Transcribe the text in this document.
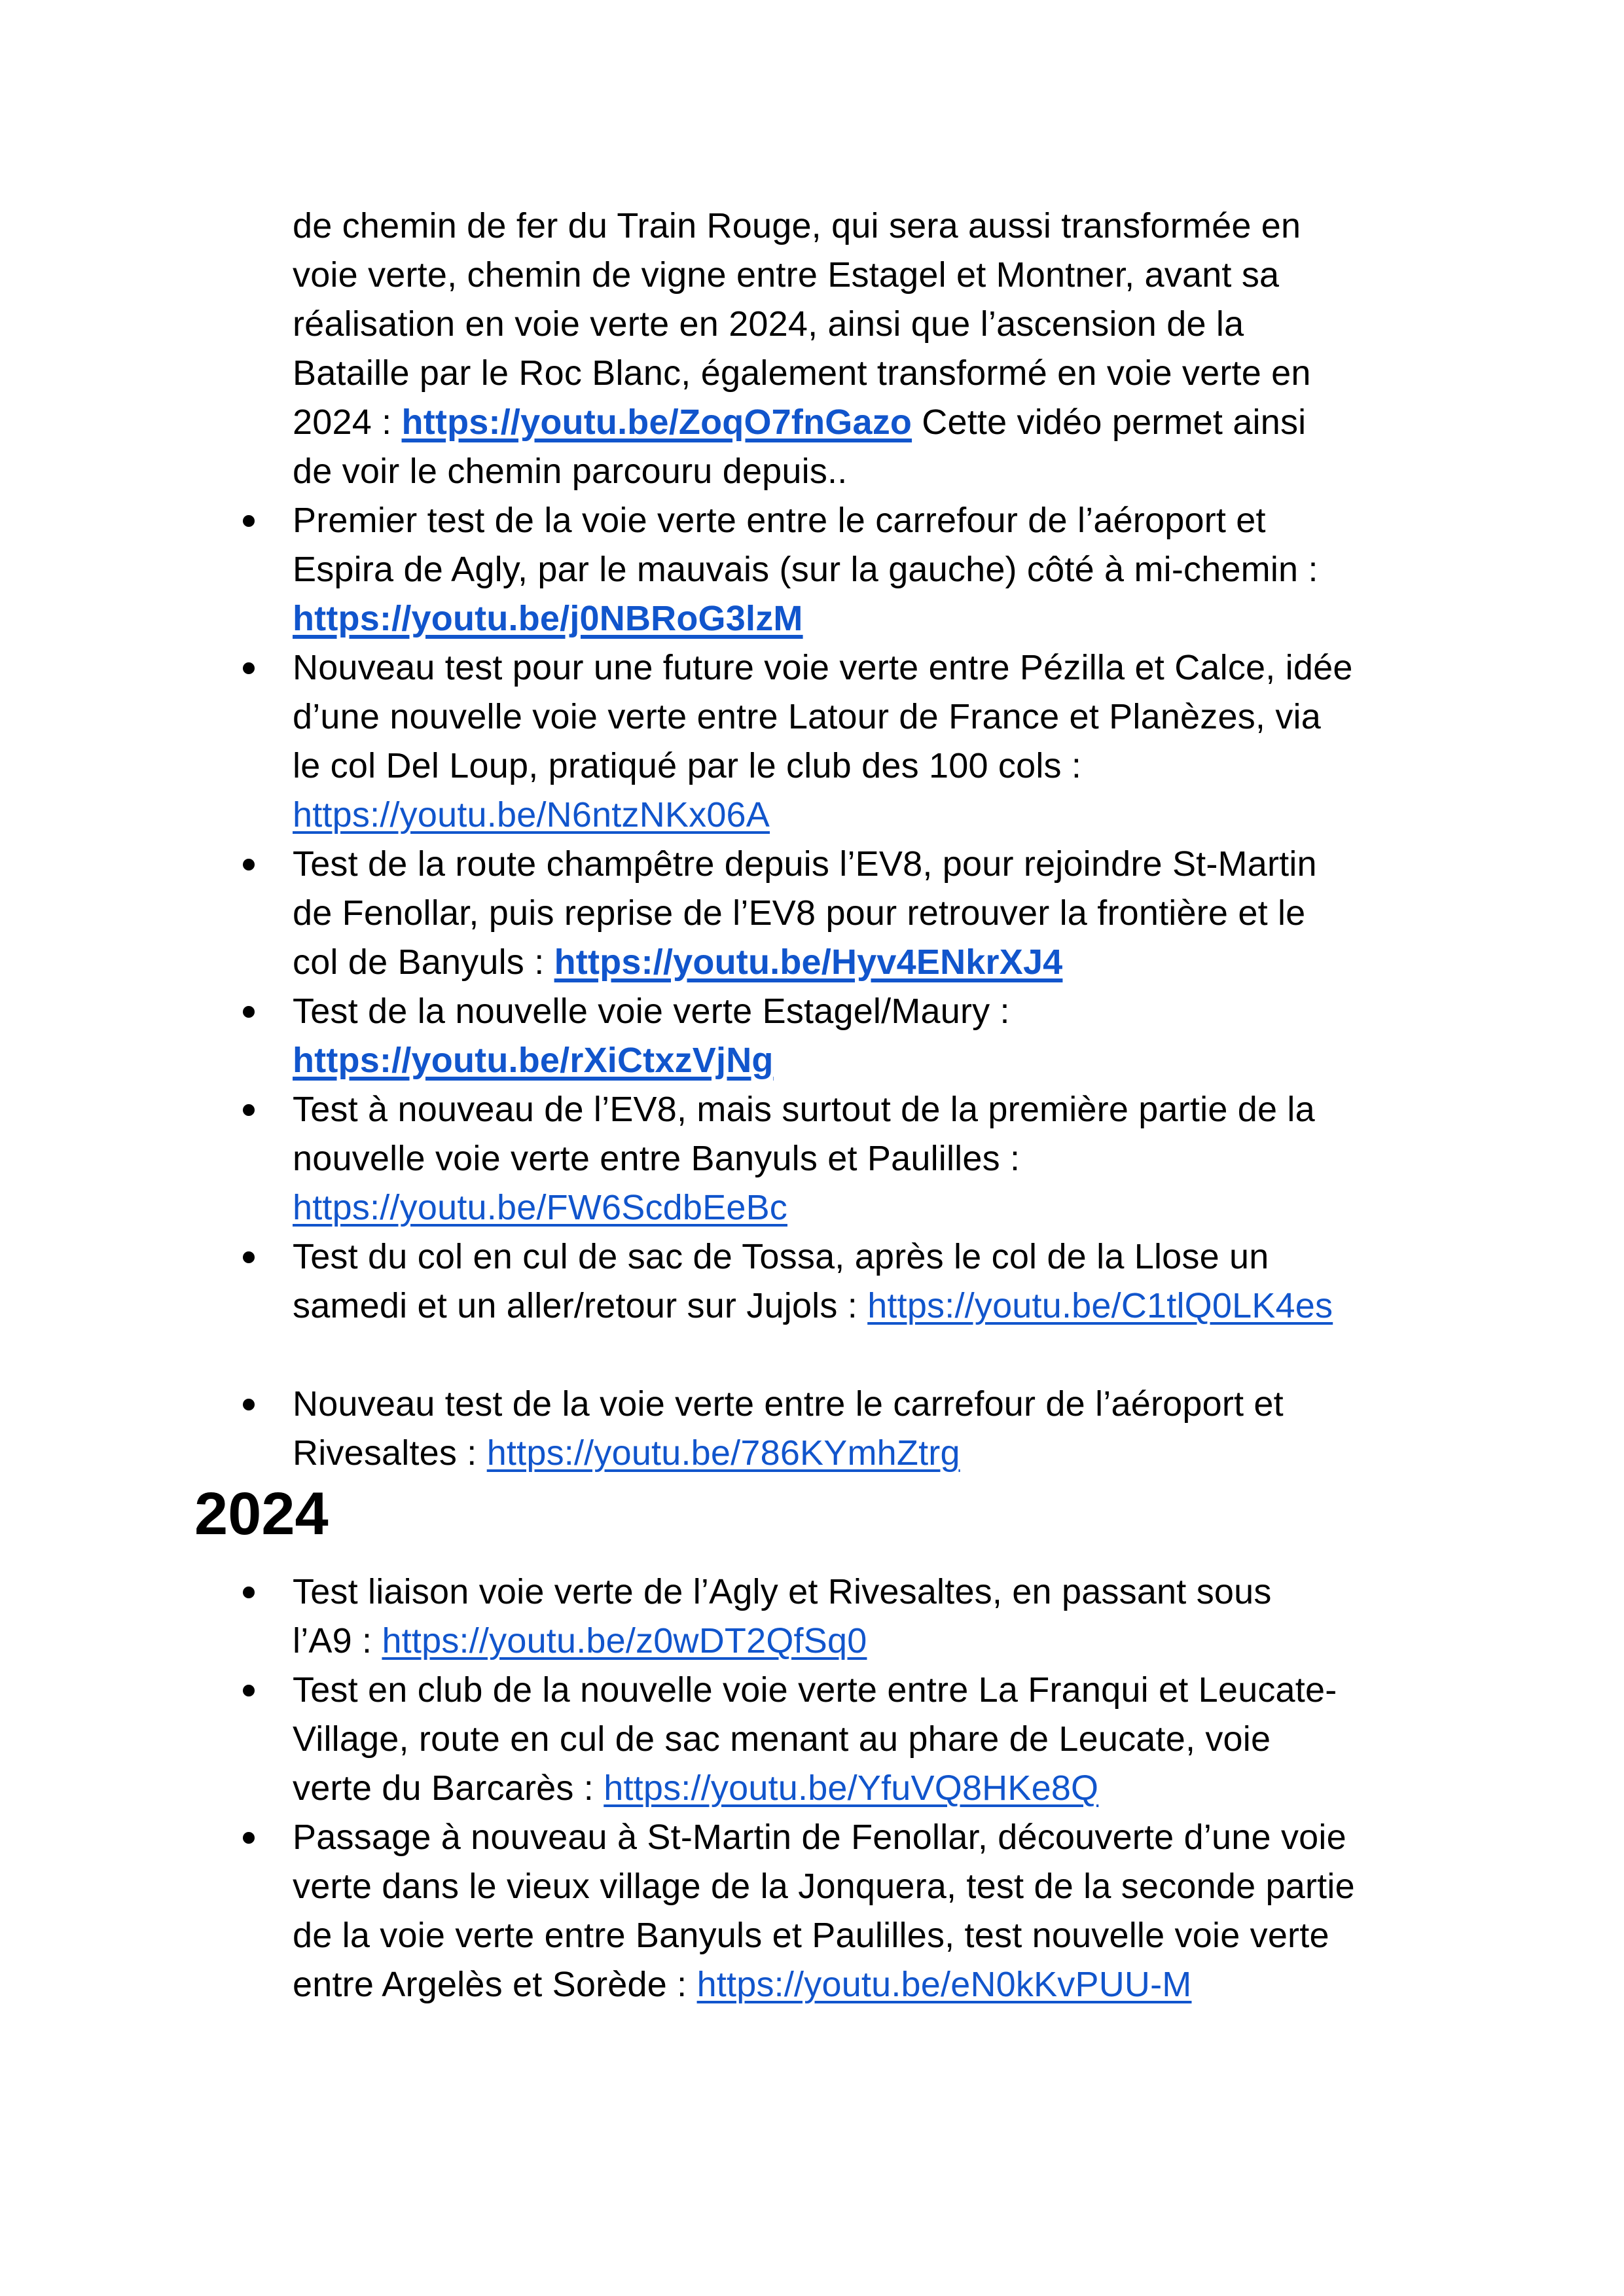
de chemin de fer du Train Rouge, qui sera aussi transformée en
voie verte, chemin de vigne entre Estagel et Montner, avant sa
réalisation en voie verte en 2024, ainsi que l’ascension de la
Bataille par le Roc Blanc, également transformé en voie verte en
2024 : https://youtu.be/ZoqO7fnGazo Cette vidéo permet ainsi
de voir le chemin parcouru depuis..
Premier test de la voie verte entre le carrefour de l’aéroport et
Espira de Agly, par le mauvais (sur la gauche) côté à mi-chemin :
https://youtu.be/j0NBRoG3lzM
Nouveau test pour une future voie verte entre Pézilla et Calce, idée
d’une nouvelle voie verte entre Latour de France et Planèzes, via
le col Del Loup, pratiqué par le club des 100 cols :
https://youtu.be/N6ntzNKx06A
Test de la route champêtre depuis l’EV8, pour rejoindre St-Martin
de Fenollar, puis reprise de l’EV8 pour retrouver la frontière et le
col de Banyuls : https://youtu.be/Hyv4ENkrXJ4
Test de la nouvelle voie verte Estagel/Maury :
https://youtu.be/rXiCtxzVjNg
Test à nouveau de l’EV8, mais surtout de la première partie de la
nouvelle voie verte entre Banyuls et Paulilles :
https://youtu.be/FW6ScdbEeBc
Test du col en cul de sac de Tossa, après le col de la Llose un
samedi et un aller/retour sur Jujols : https://youtu.be/C1tlQ0LK4es
Nouveau test de la voie verte entre le carrefour de l’aéroport et
Rivesaltes : https://youtu.be/786KYmhZtrg
2024
Test liaison voie verte de l’Agly et Rivesaltes, en passant sous
l’A9 : https://youtu.be/z0wDT2QfSq0
Test en club de la nouvelle voie verte entre La Franqui et Leucate-
Village, route en cul de sac menant au phare de Leucate, voie
verte du Barcarès : https://youtu.be/YfuVQ8HKe8Q
Passage à nouveau à St-Martin de Fenollar, découverte d’une voie
verte dans le vieux village de la Jonquera, test de la seconde partie
de la voie verte entre Banyuls et Paulilles, test nouvelle voie verte
entre Argelès et Sorède : https://youtu.be/eN0kKvPUU-M
